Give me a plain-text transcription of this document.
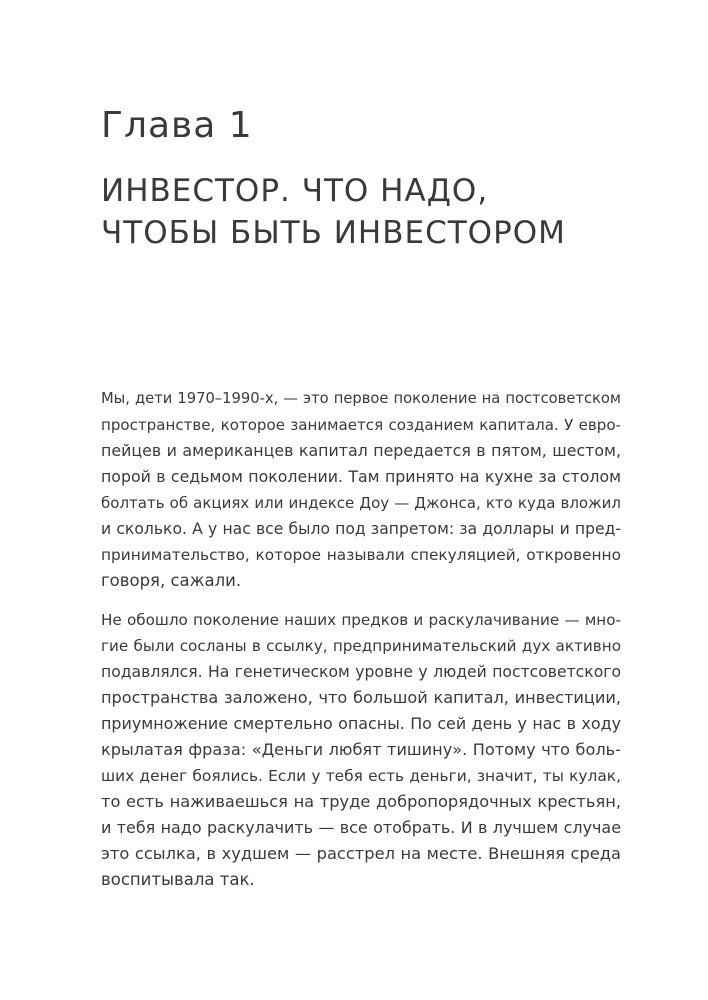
Глава 1
ИНВЕСТОР. ЧТО НАДО,
ЧТОБЫ БЫТЬ ИНВЕСТОРОМ
Мы, дети 1970–1990-х, — это первое поколение на постсоветском
пространстве, которое занимается созданием капитала. У евро-
пейцев и американцев капитал передается в пятом, шестом,
порой в седьмом поколении. Там принято на кухне за столом
болтать об акциях или индексе Доу — Джонса, кто куда вложил
и сколько. А у нас все было под запретом: за доллары и пред-
принимательство, которое называли спекуляцией, откровенно
говоря, сажали.
Не обошло поколение наших предков и раскулачивание — мно-
гие были сосланы в ссылку, предпринимательский дух активно
подавлялся. На генетическом уровне у людей постсоветского
пространства заложено, что большой капитал, инвестиции,
приумножение смертельно опасны. По сей день у нас в ходу
крылатая фраза: «Деньги любят тишину». Потому что боль-
ших денег боялись. Если у тебя есть деньги, значит, ты кулак,
то есть наживаешься на труде добропорядочных крестьян,
и тебя надо раскулачить — все отобрать. И в лучшем случае
это ссылка, в худшем — расстрел на месте. Внешняя среда
воспитывала так.
